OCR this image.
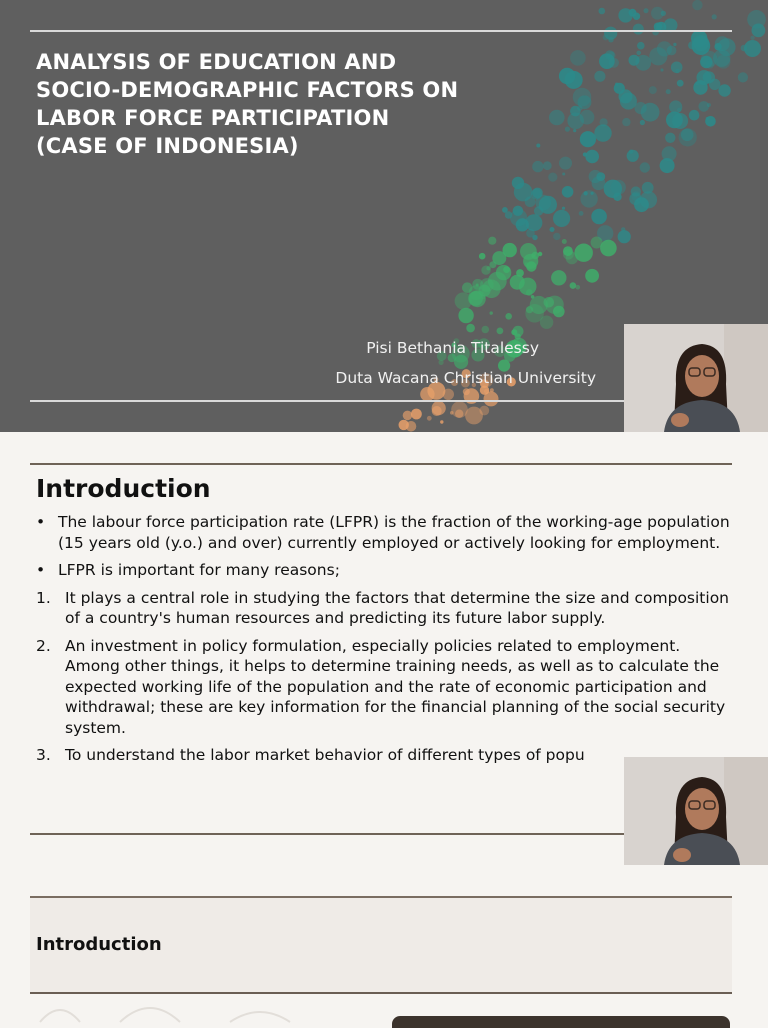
ANALYSIS OF EDUCATION AND SOCIO-DEMOGRAPHIC FACTORS ON LABOR FORCE PARTICIPATION (CASE OF INDONESIA)

Pisi Bethania Titalessy

Duta Wacana Christian University

Introduction
• The labour force participation rate (LFPR) is the fraction of the working-age population (15 years old (y.o.) and over) currently employed or actively looking for employment.
• LFPR is important for many reasons;
1. It plays a central role in studying the factors that determine the size and composition of a country's human resources and predicting its future labor supply.
2. An investment in policy formulation, especially policies related to employment. Among other things, it helps to determine training needs, as well as to calculate the expected working life of the population and the rate of economic participation and withdrawal; these are key information for the financial planning of the social security system.
3. To understand the labor market behavior of different types of popu
Introduction
